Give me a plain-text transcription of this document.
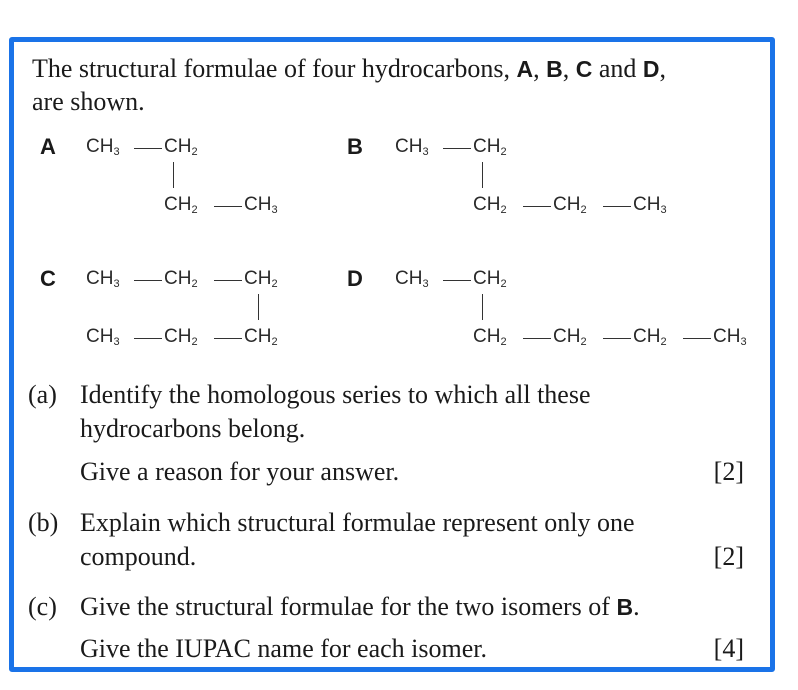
The structural formulae of four hydrocarbons, A, B, C and D,
are shown.
A $CH_3$ $CH_2$
$CH_2$ $CH_3$
B $CH_3$ $CH_2$
$CH_2$ $CH_2$ $CH_3$
C $CH_3$ $CH_2$ $CH_2$
$CH_3$ $CH_2$ $CH_2$
D $CH_3$ $CH_2$
$CH_2$ $CH_2$ $CH_2$ $CH_3$
(a) Identify the homologous series to which all these
hydrocarbons belong.
Give a reason for your answer.	[2]
(b) Explain which structural formulae represent only one
compound.	[2]
(c) Give the structural formulae for the two isomers of B.
Give the IUPAC name for each isomer.	[4]
